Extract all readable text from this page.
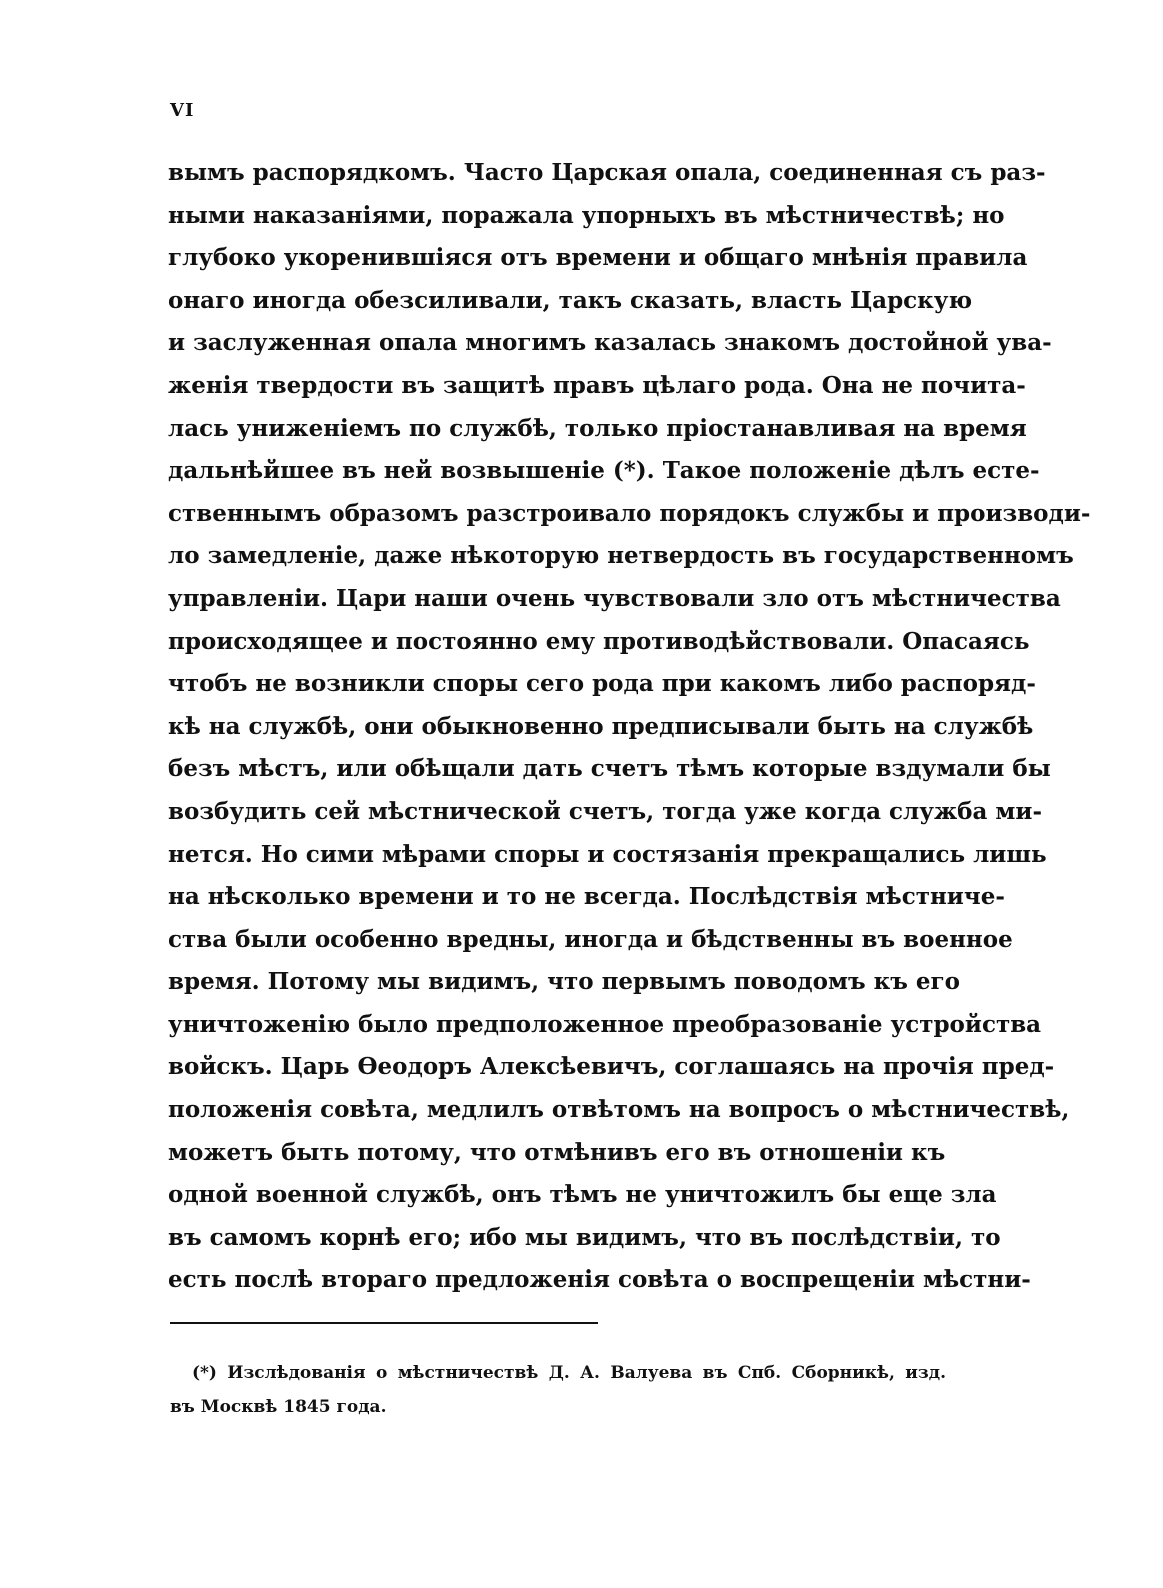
VI
вымъ распорядкомъ. Часто Царская опала, соединенная съ раз-
ными наказаніями, поражала упорныхъ въ мѣстничествѣ; но
глубоко укоренившіяся отъ времени и общаго мнѣнія правила
онаго иногда обезсиливали, такъ сказать, власть Царскую
и заслуженная опала многимъ казалась знакомъ достойной ува-
женія твердости въ защитѣ правъ цѣлаго рода. Она не почита-
лась униженіемъ по службѣ, только пріостанавливая на время
дальнѣйшее въ ней возвышеніе (*). Такое положеніе дѣлъ есте-
ственнымъ образомъ разстроивало порядокъ службы и производи-
ло замедленіе, даже нѣкоторую нетвердость въ государственномъ
управленіи. Цари наши очень чувствовали зло отъ мѣстничества
происходящее и постоянно ему противодѣйствовали. Опасаясь
чтобъ не возникли споры сего рода при какомъ либо распоряд-
кѣ на службѣ, они обыкновенно предписывали быть на службѣ
безъ мѣстъ, или обѣщали дать счетъ тѣмъ которые вздумали бы
возбудить сей мѣстнической счетъ, тогда уже когда служба ми-
нется. Но сими мѣрами споры и состязанія прекращались лишь
на нѣсколько времени и то не всегда. Послѣдствія мѣстниче-
ства были особенно вредны, иногда и бѣдственны въ военное
время. Потому мы видимъ, что первымъ поводомъ къ его
уничтоженію было предположенное преобразованіе устройства
войскъ. Царь Ѳеодоръ Алексѣевичъ, соглашаясь на прочія пред-
положенія совѣта, медлилъ отвѣтомъ на вопросъ о мѣстничествѣ,
можетъ быть потому, что отмѣнивъ его въ отношеніи къ
одной военной службѣ, онъ тѣмъ не уничтожилъ бы еще зла
въ самомъ корнѣ его; ибо мы видимъ, что въ послѣдствіи, то
есть послѣ втораго предложенія совѣта о воспрещеніи мѣстни-
(*) Изслѣдованія о мѣстничествѣ Д. А. Валуева въ Спб. Сборникѣ, изд.
въ Москвѣ 1845 года.
